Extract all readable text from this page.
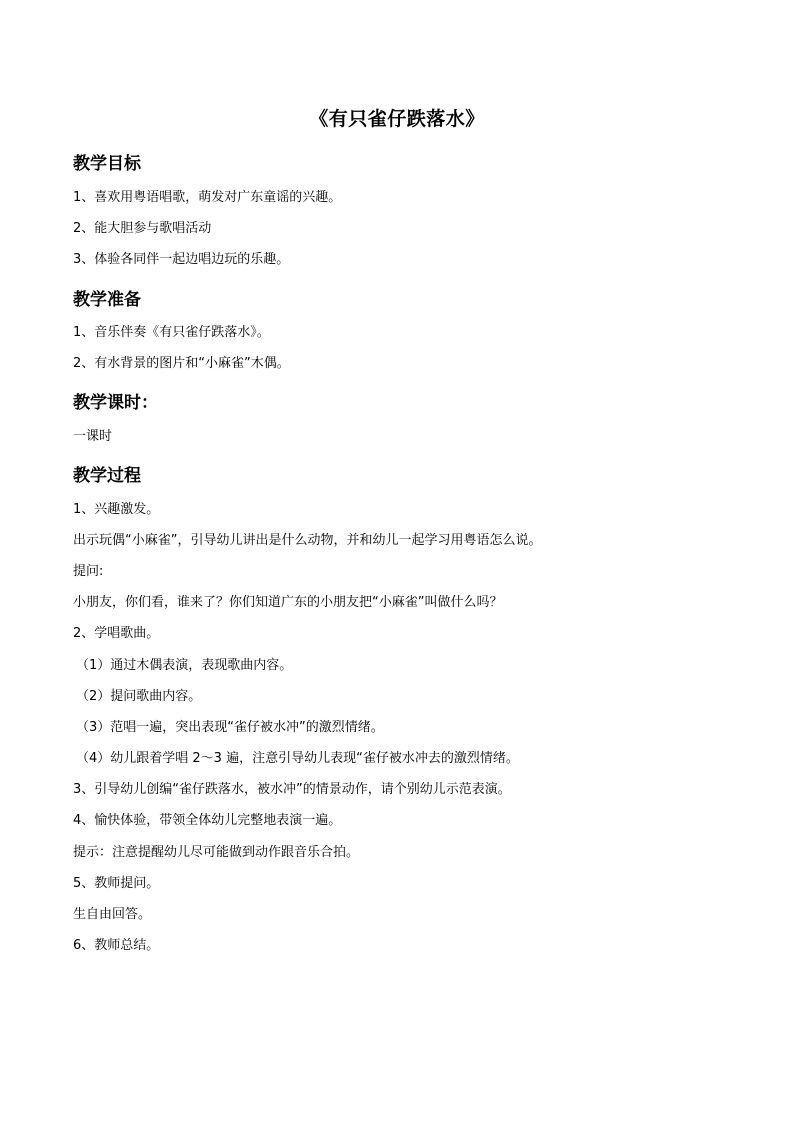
《有只雀仔跌落水》
教学目标
1、喜欢用粤语唱歌，萌发对广东童谣的兴趣。
2、能大胆参与歌唱活动
3、体验各同伴一起边唱边玩的乐趣。
教学准备
1、音乐伴奏《有只雀仔跌落水》。
2、有水背景的图片和“小麻雀”木偶。
教学课时：
一课时
教学过程
1、兴趣激发。
出示玩偶“小麻雀”，引导幼儿讲出是什么动物，并和幼儿一起学习用粤语怎么说。
提问:
小朋友，你们看，谁来了？你们知道广东的小朋友把“小麻雀”叫做什么吗？
2、学唱歌曲。
（1）通过木偶表演，表现歌曲内容。
（2）提问歌曲内容。
（3）范唱一遍，突出表现“雀仔被水冲”的激烈情绪。
（4）幼儿跟着学唱 2～3 遍，注意引导幼儿表现“雀仔被水冲去的激烈情绪。
3、引导幼儿创编“雀仔跌落水，被水冲”的情景动作，请个别幼儿示范表演。
4、愉快体验，带领全体幼儿完整地表演一遍。
提示：注意提醒幼儿尽可能做到动作跟音乐合拍。
5、教师提问。
生自由回答。
6、教师总结。
